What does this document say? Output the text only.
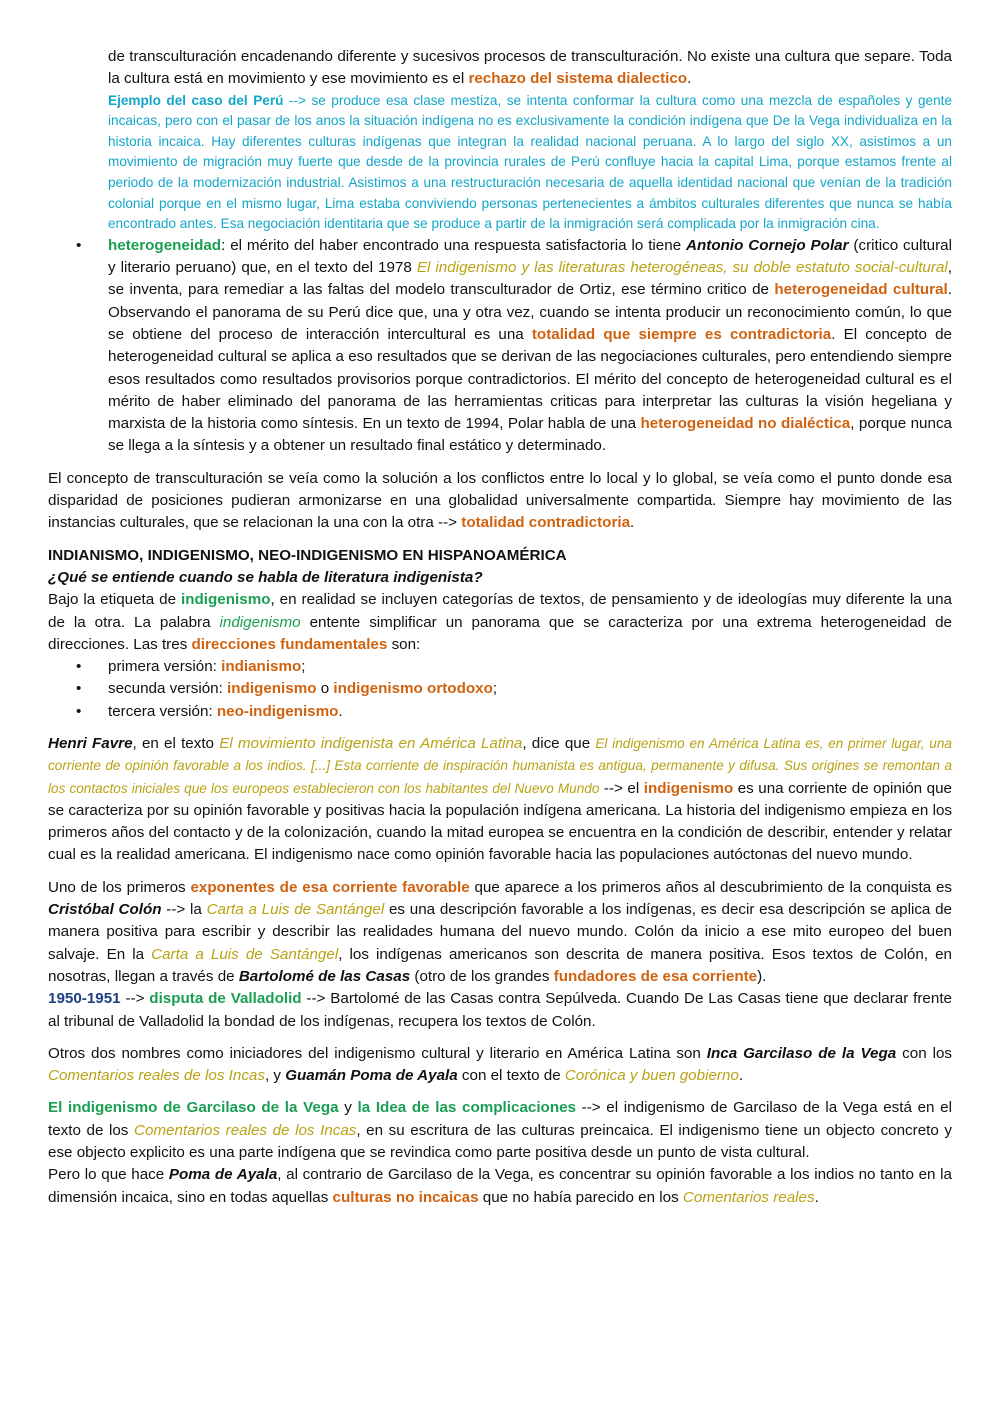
de transculturación encadenando diferente y sucesivos procesos de transculturación. No existe una cultura que separe. Toda la cultura está en movimiento y ese movimiento es el rechazo del sistema dialectico.

Ejemplo del caso del Perú --> se produce esa clase mestiza, se intenta conformar la cultura como una mezcla de españoles y gente incaicas, pero con el pasar de los anos la situación indígena no es exclusivamente la condición indígena que De la Vega individualiza en la historia incaica. Hay diferentes culturas indígenas que integran la realidad nacional peruana. A lo largo del siglo XX, asistimos a un movimiento de migración muy fuerte que desde de la provincia rurales de Perú confluye hacia la capital Lima, porque estamos frente al periodo de la modernización industrial. Asistimos a una restructuración necesaria de aquella identidad nacional que venían de la tradición colonial porque en el mismo lugar, Lima estaba conviviendo personas pertenecientes a ámbitos culturales diferentes que nunca se había encontrado antes. Esa negociación identitaria que se produce a partir de la inmigración será complicada por la inmigración cina.

• heterogeneidad: el mérito del haber encontrado una respuesta satisfactoria lo tiene Antonio Cornejo Polar (critico cultural y literario peruano) que, en el texto del 1978 El indigenismo y las literaturas heterogéneas, su doble estatuto social-cultural, se inventa, para remediar a las faltas del modelo transculturador de Ortiz, ese término critico de heterogeneidad cultural. Observando el panorama de su Perú dice que, una y otra vez, cuando se intenta producir un reconocimiento común, lo que se obtiene del proceso de interacción intercultural es una totalidad que siempre es contradictoria. El concepto de heterogeneidad cultural se aplica a eso resultados que se derivan de las negociaciones culturales, pero entendiendo siempre esos resultados como resultados provisorios porque contradictorios. El mérito del concepto de heterogeneidad cultural es el mérito de haber eliminado del panorama de las herramientas criticas para interpretar las culturas la visión hegeliana y marxista de la historia como síntesis. En un texto de 1994, Polar habla de una heterogeneidad no dialéctica, porque nunca se llega a la síntesis y a obtener un resultado final estático y determinado.

El concepto de transculturación se veía como la solución a los conflictos entre lo local y lo global, se veía como el punto donde esa disparidad de posiciones pudieran armonizarse en una globalidad universalmente compartida. Siempre hay movimiento de las instancias culturales, que se relacionan la una con la otra --> totalidad contradictoria.

INDIANISMO, INDIGENISMO, NEO-INDIGENISMO EN HISPANOAMÉRICA

¿Qué se entiende cuando se habla de literatura indigenista?

Bajo la etiqueta de indigenismo, en realidad se incluyen categorías de textos, de pensamiento y de ideologías muy diferente la una de la otra. La palabra indigenismo entente simplificar un panorama que se caracteriza por una extrema heterogeneidad de direcciones. Las tres direcciones fundamentales son:

• primera versión: indianismo;
• secunda versión: indigenismo o indigenismo ortodoxo;
• tercera versión: neo-indigenismo.

Henri Favre, en el texto El movimiento indigenista en América Latina, dice que El indigenismo en América Latina es, en primer lugar, una corriente de opinión favorable a los indios. [...] Esta corriente de inspiración humanista es antigua, permanente y difusa. Sus origines se remontan a los contactos iniciales que los europeos establecieron con los habitantes del Nuevo Mundo --> el indigenismo es una corriente de opinión que se caracteriza por su opinión favorable y positivas hacia la populación indígena americana. La historia del indigenismo empieza en los primeros años del contacto y de la colonización, cuando la mitad europea se encuentra en la condición de describir, entender y relatar cual es la realidad americana. El indigenismo nace como opinión favorable hacia las populaciones autóctonas del nuevo mundo.

Uno de los primeros exponentes de esa corriente favorable que aparece a los primeros años al descubrimiento de la conquista es Cristóbal Colón --> la Carta a Luis de Santángel es una descripción favorable a los indígenas, es decir esa descripción se aplica de manera positiva para escribir y describir las realidades humana del nuevo mundo. Colón da inicio a ese mito europeo del buen salvaje. En la Carta a Luis de Santángel, los indígenas americanos son descrita de manera positiva. Esos textos de Colón, en nosotras, llegan a través de Bartolomé de las Casas (otro de los grandes fundadores de esa corriente).

1950-1951 --> disputa de Valladolid --> Bartolomé de las Casas contra Sepúlveda. Cuando De Las Casas tiene que declarar frente al tribunal de Valladolid la bondad de los indígenas, recupera los textos de Colón.

Otros dos nombres como iniciadores del indigenismo cultural y literario en América Latina son Inca Garcilaso de la Vega con los Comentarios reales de los Incas, y Guamán Poma de Ayala con el texto de Corónica y buen gobierno.

El indigenismo de Garcilaso de la Vega y la Idea de las complicaciones --> el indigenismo de Garcilaso de la Vega está en el texto de los Comentarios reales de los Incas, en su escritura de las culturas preincaica. El indigenismo tiene un objecto concreto y ese objecto explicito es una parte indígena que se revindica como parte positiva desde un punto de vista cultural.

Pero lo que hace Poma de Ayala, al contrario de Garcilaso de la Vega, es concentrar su opinión favorable a los indios no tanto en la dimensión incaica, sino en todas aquellas culturas no incaicas que no había parecido en los Comentarios reales.
